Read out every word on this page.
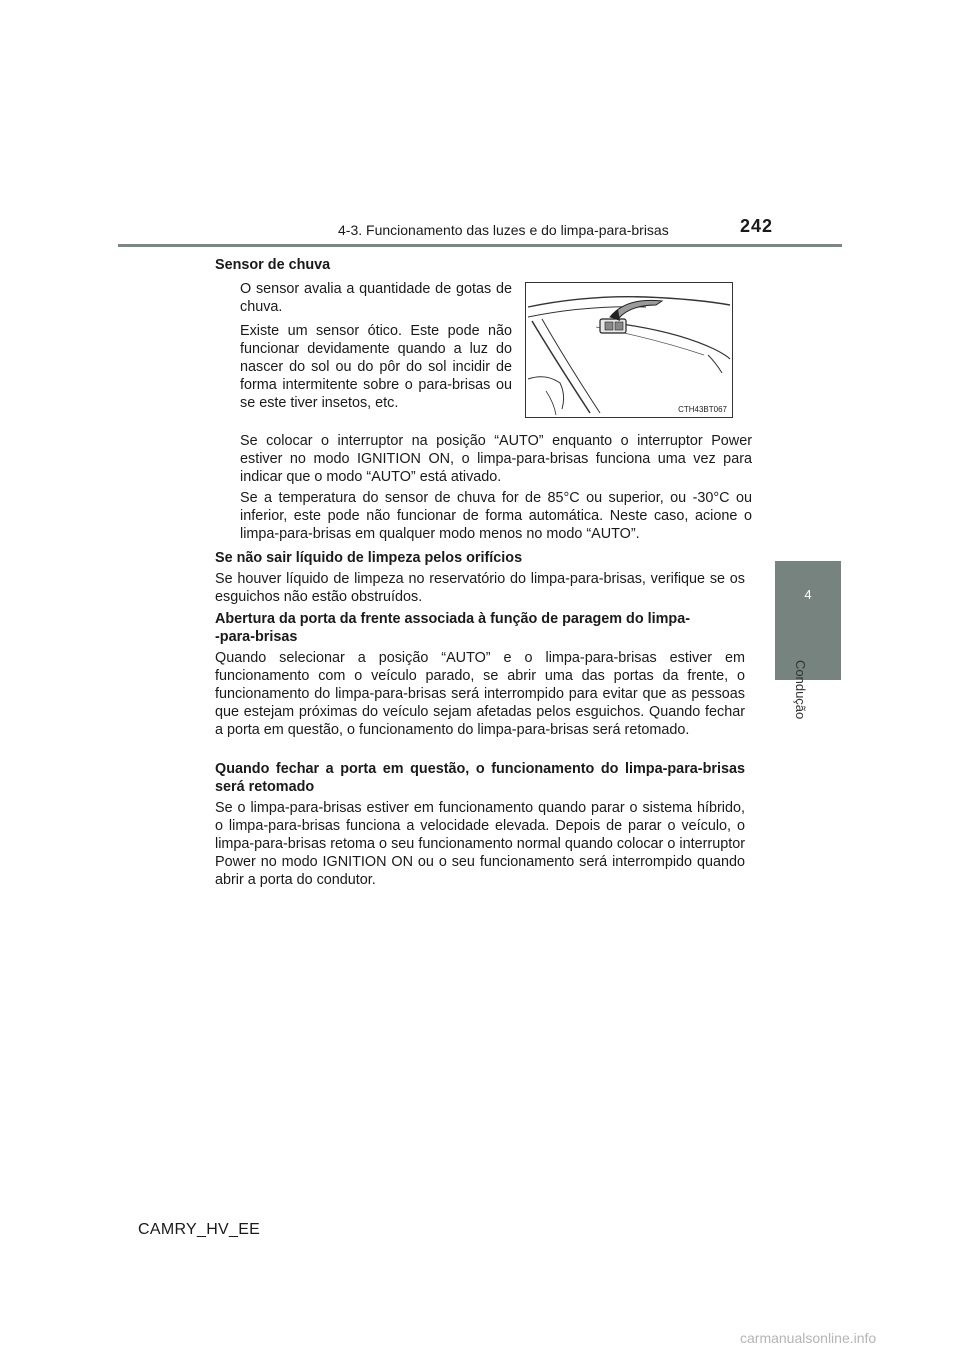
4-3. Funcionamento das luzes e do limpa-para-brisas	242
4
Condução
Sensor de chuva

O sensor avalia a quantidade de gotas de chuva.

Existe um sensor ótico. Este pode não funcionar devidamente quando a luz do nascer do sol ou do pôr do sol incidir de forma intermitente sobre o para-brisas ou se este tiver insetos, etc.	CTH43BT067

Se colocar o interruptor na posição “AUTO” enquanto o interruptor Power estiver no modo IGNITION ON, o limpa-para-brisas funciona uma vez para indicar que o modo “AUTO” está ativado.

Se a temperatura do sensor de chuva for de 85°C ou superior, ou -30°C ou inferior, este pode não funcionar de forma automática. Neste caso, acione o limpa-para-brisas em qualquer modo menos no modo “AUTO”.

Se não sair líquido de limpeza pelos orifícios

Se houver líquido de limpeza no reservatório do limpa-para-brisas, verifique se os esguichos não estão obstruídos.

Abertura da porta da frente associada à função de paragem do limpa-
-para-brisas

Quando selecionar a posição “AUTO” e o limpa-para-brisas estiver em funcionamento com o veículo parado, se abrir uma das portas da frente, o funcionamento do limpa-para-brisas será interrompido para evitar que as pessoas que estejam próximas do veículo sejam afetadas pelos esguichos. Quando fechar a porta em questão, o funcionamento do limpa-para-brisas será retomado.

Quando fechar a porta em questão, o funcionamento do limpa-para-brisas será retomado

Se o limpa-para-brisas estiver em funcionamento quando parar o sistema híbrido, o limpa-para-brisas funciona a velocidade elevada. Depois de parar o veículo, o limpa-para-brisas retoma o seu funcionamento normal quando colocar o interruptor Power no modo IGNITION ON ou o seu funcionamento será interrompido quando abrir a porta do condutor.

CAMRY_HV_EE
carmanualsonline.info
